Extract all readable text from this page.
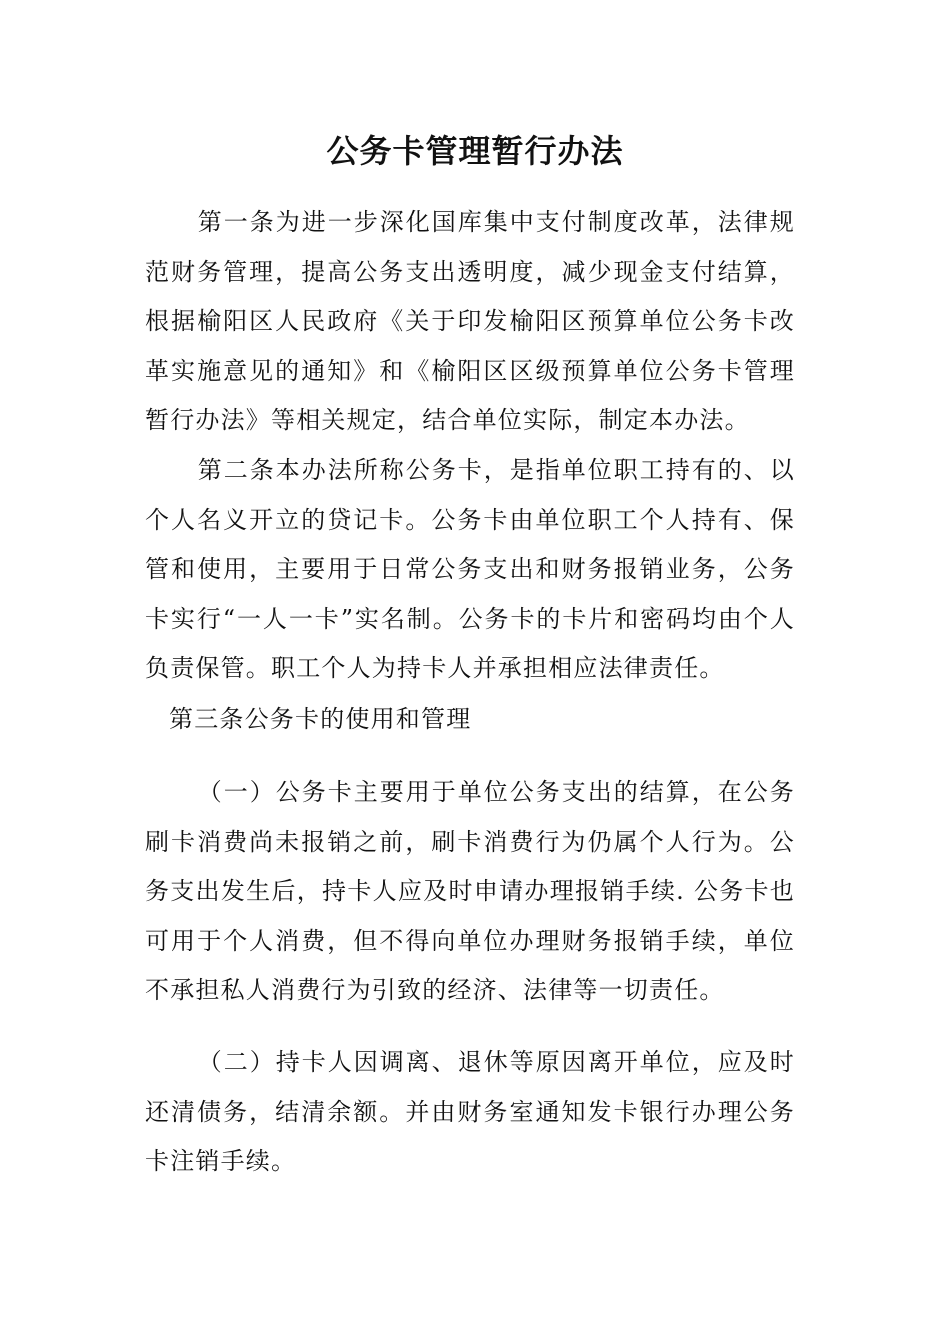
公务卡管理暂行办法

第一条为进一步深化国库集中支付制度改革，法律规范财务管理，提高公务支出透明度，减少现金支付结算，根据榆阳区人民政府《关于印发榆阳区预算单位公务卡改革实施意见的通知》和《榆阳区区级预算单位公务卡管理暂行办法》等相关规定，结合单位实际，制定本办法。

第二条本办法所称公务卡，是指单位职工持有的、以个人名义开立的贷记卡。公务卡由单位职工个人持有、保管和使用，主要用于日常公务支出和财务报销业务，公务卡实行“一人一卡”实名制。公务卡的卡片和密码均由个人负责保管。职工个人为持卡人并承担相应法律责任。

第三条公务卡的使用和管理

（一）公务卡主要用于单位公务支出的结算，在公务刷卡消费尚未报销之前，刷卡消费行为仍属个人行为。公务支出发生后，持卡人应及时申请办理报销手续. 公务卡也可用于个人消费，但不得向单位办理财务报销手续，单位不承担私人消费行为引致的经济、法律等一切责任。

（二）持卡人因调离、退休等原因离开单位，应及时还清债务，结清余额。并由财务室通知发卡银行办理公务卡注销手续。
